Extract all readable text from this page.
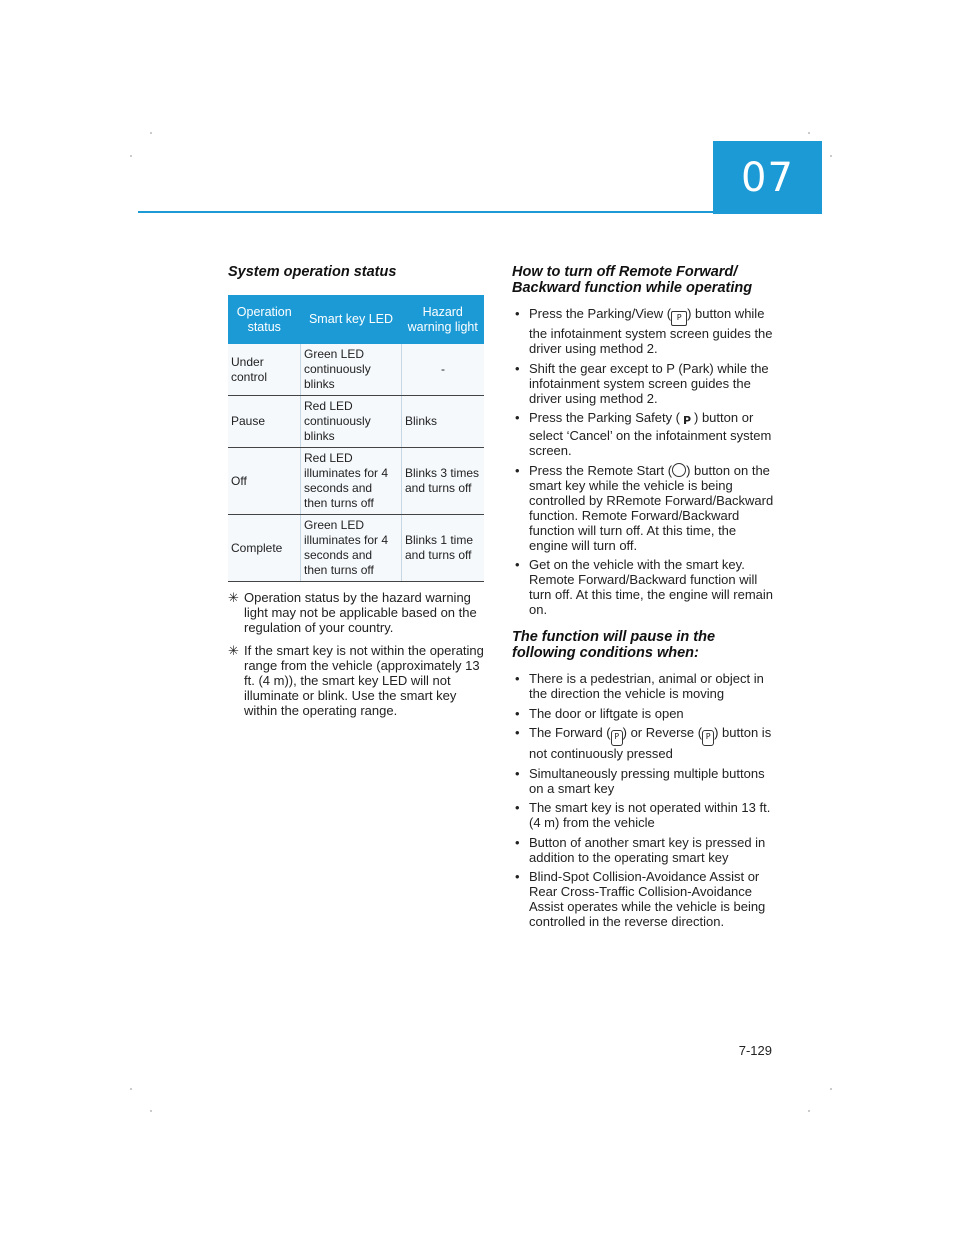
07
System operation status
Operation status	Smart key LED	Hazard warning light
Under control	Green LED continuously blinks	-
Pause	Red LED continuously blinks	Blinks
Off	Red LED illuminates for 4 seconds and then turns off	Blinks 3 times and turns off
Complete	Green LED illuminates for 4 seconds and then turns off	Blinks 1 time and turns off
✳ Operation status by the hazard warning light may not be applicable based on the regulation of your country.
✳ If the smart key is not within the operating range from the vehicle (approximately 13 ft. (4 m)), the smart key LED will not illuminate or blink. Use the smart key within the operating range.
How to turn off Remote Forward/ Backward function while operating
• Press the Parking/View ( P ) button while the infotainment system screen guides the driver using method 2.
• Shift the gear except to P (Park) while the infotainment system screen guides the driver using method 2.
• Press the Parking Safety ( P ) button or select ‘Cancel’ on the infotainment system screen.
• Press the Remote Start ( ) button on the smart key while the vehicle is being controlled by RRemote Forward/Backward function. Remote Forward/Backward function will turn off. At this time, the engine will turn off.
• Get on the vehicle with the smart key. Remote Forward/Backward function will turn off. At this time, the engine will remain on.
The function will pause in the following conditions when:
• There is a pedestrian, animal or object in the direction the vehicle is moving
• The door or liftgate is open
• The Forward ( P ) or Reverse ( P ) button is not continuously pressed
• Simultaneously pressing multiple buttons on a smart key
• The smart key is not operated within 13 ft. (4 m) from the vehicle
• Button of another smart key is pressed in addition to the operating smart key
• Blind-Spot Collision-Avoidance Assist or Rear Cross-Traffic Collision-Avoidance Assist operates while the vehicle is being controlled in the reverse direction.
7-129
